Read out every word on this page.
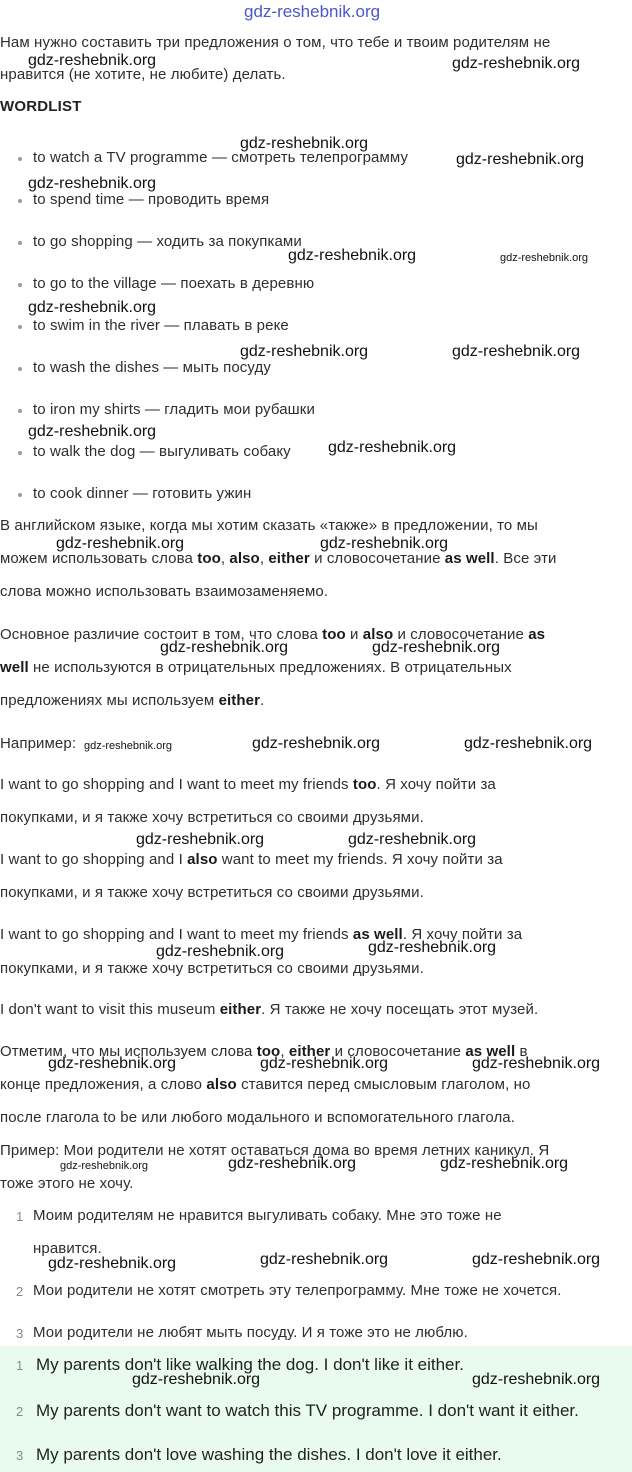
gdz-reshebnik.org
Нам нужно составить три предложения о том, что тебе и твоим родителям не
нравится (не хотите, не любите) делать.
WORDLIST
to watch a TV programme — смотреть телепрограмму
to spend time — проводить время
to go shopping — ходить за покупками
to go to the village — поехать в деревню
to swim in the river — плавать в реке
to wash the dishes — мыть посуду
to iron my shirts — гладить мои рубашки
to walk the dog — выгуливать собаку
to cook dinner — готовить ужин
В английском языке, когда мы хотим сказать «также» в предложении, то мы
можем использовать слова too, also, either и словосочетание as well. Все эти
слова можно использовать взаимозаменяемо.
Основное различие состоит в том, что слова too и also и словосочетание as
well не используются в отрицательных предложениях. В отрицательных
предложениях мы используем either.
Например:
I want to go shopping and I want to meet my friends too. Я хочу пойти за
покупками, и я также хочу встретиться со своими друзьями.
I want to go shopping and I also want to meet my friends. Я хочу пойти за
покупками, и я также хочу встретиться со своими друзьями.
I want to go shopping and I want to meet my friends as well. Я хочу пойти за
покупками, и я также хочу встретиться со своими друзьями.
I don't want to visit this museum either. Я также не хочу посещать этот музей.
Отметим, что мы используем слова too, either и словосочетание as well в
конце предложения, а слово also ставится перед смысловым глаголом, но
после глагола to be или любого модального и вспомогательного глагола.
Пример: Мои родители не хотят оставаться дома во время летних каникул. Я
тоже этого не хочу.
1 Моим родителям не нравится выгуливать собаку. Мне это тоже не
нравится.
2 Мои родители не хотят смотреть эту телепрограмму. Мне тоже не хочется.
3 Мои родители не любят мыть посуду. И я тоже это не люблю.
1 My parents don't like walking the dog. I don't like it either.
2 My parents don't want to watch this TV programme. I don't want it either.
3 My parents don't love washing the dishes. I don't love it either.
gdz-reshebnik.org	gdz-reshebnik.org
gdz-reshebnik.org
gdz-reshebnik.org
gdz-reshebnik.org
gdz-reshebnik.org	gdz-reshebnik.org
gdz-reshebnik.org
gdz-reshebnik.org	gdz-reshebnik.org
gdz-reshebnik.org
gdz-reshebnik.org
gdz-reshebnik.org	gdz-reshebnik.org
gdz-reshebnik.org	gdz-reshebnik.org
gdz-reshebnik.org	gdz-reshebnik.org	gdz-reshebnik.org
gdz-reshebnik.org	gdz-reshebnik.org
gdz-reshebnik.org	gdz-reshebnik.org
gdz-reshebnik.org	gdz-reshebnik.org	gdz-reshebnik.org
gdz-reshebnik.org	gdz-reshebnik.org	gdz-reshebnik.org
gdz-reshebnik.org	gdz-reshebnik.org	gdz-reshebnik.org
gdz-reshebnik.org	gdz-reshebnik.org
